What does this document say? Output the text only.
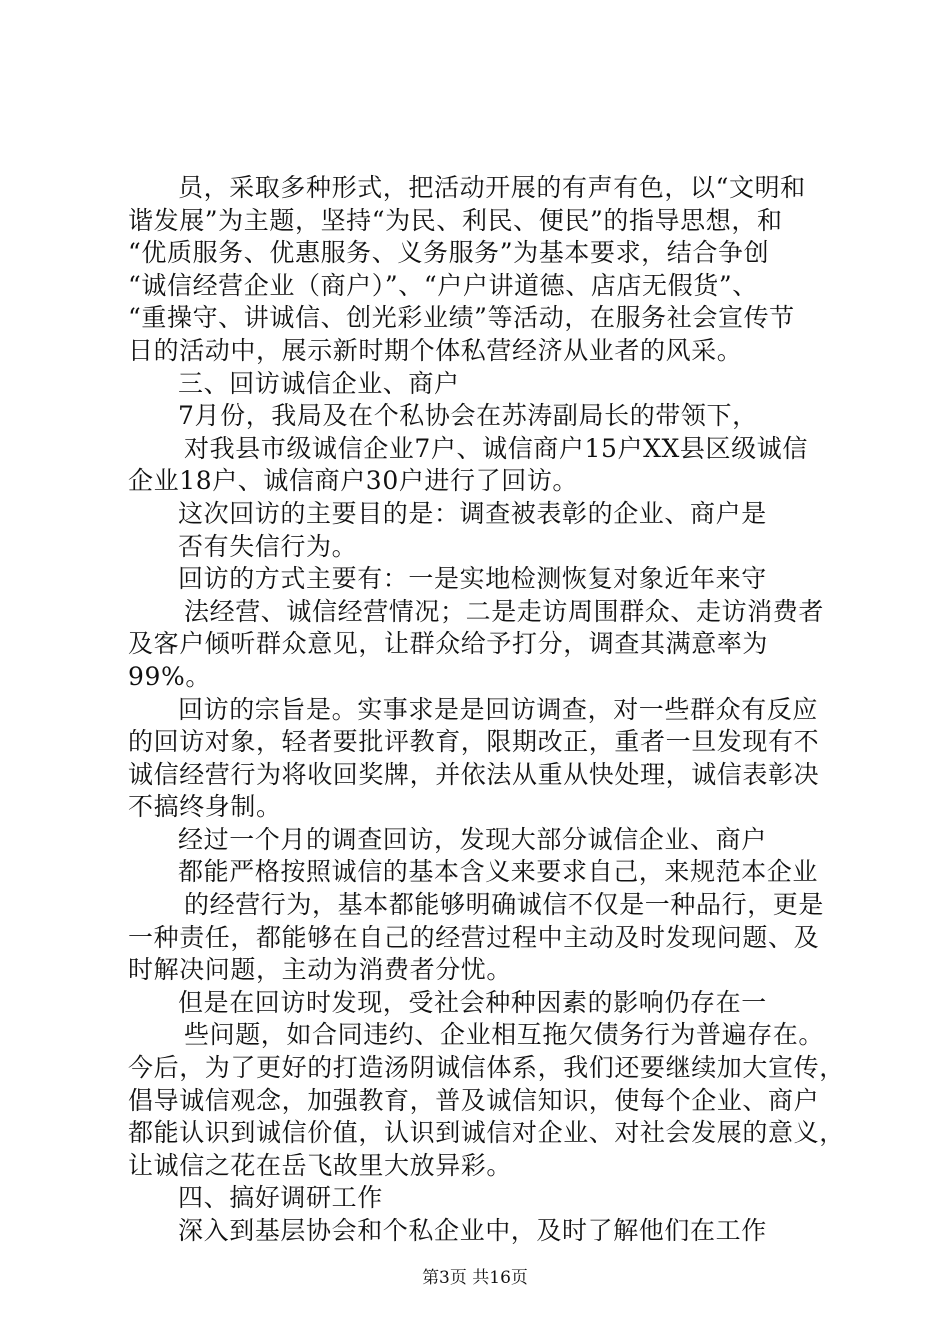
员，采取多种形式，把活动开展的有声有色，以“文明和
谐发展”为主题，坚持“为民、利民、便民”的指导思想，和
“优质服务、优惠服务、义务服务”为基本要求，结合争创
“诚信经营企业（商户）”、“户户讲道德、店店无假货”、
“重操守、讲诚信、创光彩业绩”等活动，在服务社会宣传节
日的活动中，展示新时期个体私营经济从业者的风采。
三、回访诚信企业、商户
7月份，我局及在个私协会在苏涛副局长的带领下，
对我县市级诚信企业7户、诚信商户15户XX县区级诚信
企业18户、诚信商户30户进行了回访。
这次回访的主要目的是：调查被表彰的企业、商户是
否有失信行为。
回访的方式主要有：一是实地检测恢复对象近年来守
法经营、诚信经营情况；二是走访周围群众、走访消费者
及客户倾听群众意见，让群众给予打分，调查其满意率为
99%。
回访的宗旨是。实事求是是回访调查，对一些群众有反应
的回访对象，轻者要批评教育，限期改正，重者一旦发现有不
诚信经营行为将收回奖牌，并依法从重从快处理，诚信表彰决
不搞终身制。
经过一个月的调查回访，发现大部分诚信企业、商户
都能严格按照诚信的基本含义来要求自己，来规范本企业
的经营行为，基本都能够明确诚信不仅是一种品行，更是
一种责任，都能够在自己的经营过程中主动及时发现问题、及
时解决问题，主动为消费者分忧。
但是在回访时发现，受社会种种因素的影响仍存在一
些问题，如合同违约、企业相互拖欠债务行为普遍存在。
今后，为了更好的打造汤阴诚信体系，我们还要继续加大宣传，
倡导诚信观念，加强教育，普及诚信知识，使每个企业、商户
都能认识到诚信价值，认识到诚信对企业、对社会发展的意义，
让诚信之花在岳飞故里大放异彩。
四、搞好调研工作
深入到基层协会和个私企业中，及时了解他们在工作
第3页 共16页
